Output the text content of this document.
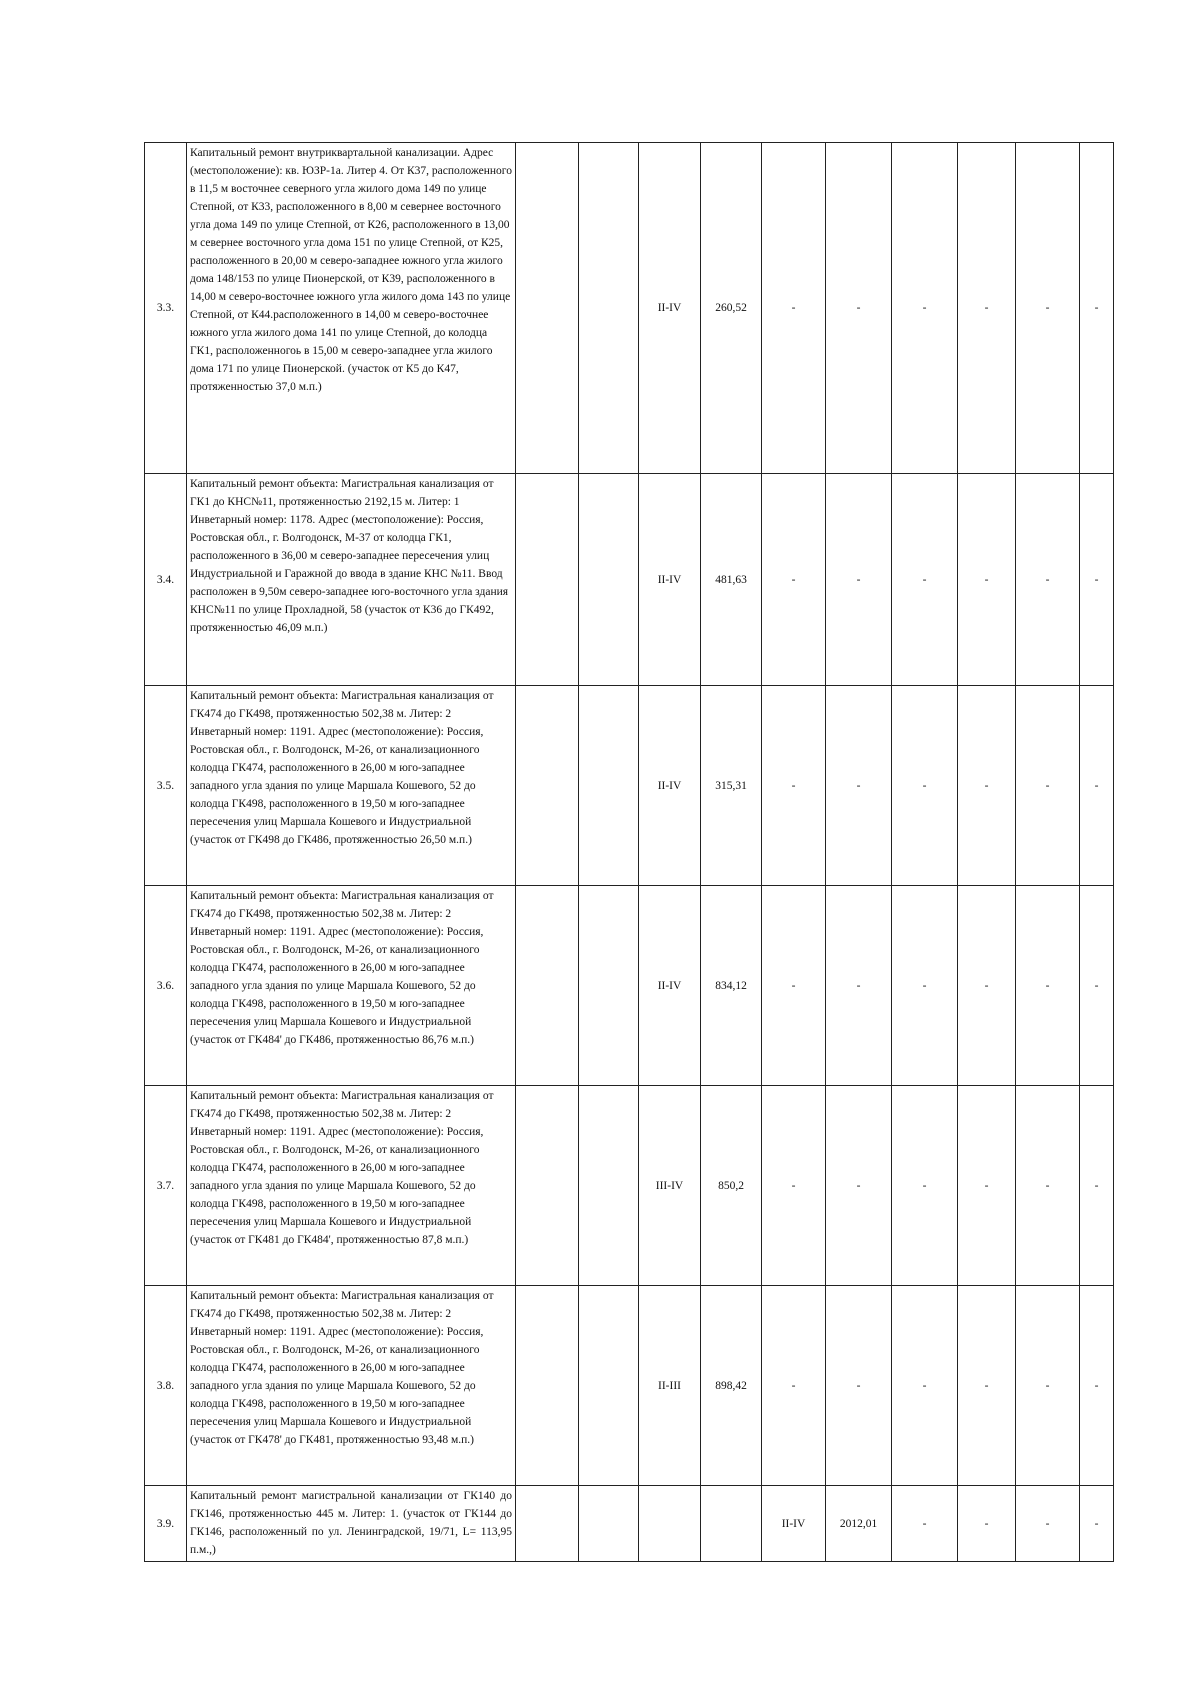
3.3.	Капитальный ремонт внутриквартальной канализации. Адрес (местоположение): кв. ЮЗР-1а. Литер 4. От К37, расположенного в 11,5 м восточнее северного угла жилого дома 149 по улице Степной, от К33, расположенного в 8,00 м севернее восточного угла дома 149 по улице Степной, от К26, расположенного в 13,00 м севернее восточного угла дома 151 по улице Степной, от К25, расположенного в 20,00 м северо-западнее южного угла жилого дома 148/153 по улице Пионерской, от К39, расположенного в 14,00 м северо-восточнее южного угла жилого дома 143 по улице Степной, от К44.расположенного в 14,00 м северо-восточнее южного угла жилого дома 141 по улице Степной, до колодца ГК1, расположенногоь в 15,00 м северо-западнее угла жилого дома 171 по улице Пионерской. (участок от К5 до К47, протяженностью 37,0 м.п.)			II-IV	260,52	-	-	-	-	-	-
3.4.	Капитальный ремонт объекта: Магистральная канализация от ГК1 до КНС№11, протяженностью 2192,15 м. Литер: 1 Инветарный номер: 1178. Адрес (местоположение): Россия, Ростовская обл., г. Волгодонск, М-37 от колодца ГК1, расположенного в 36,00 м северо-западнее пересечения улиц Индустриальной и Гаражной до ввода в здание КНС №11. Ввод расположен в 9,50м северо-западнее юго-восточного угла здания КНС№11 по улице Прохладной, 58 (участок от К36 до ГК492, протяженностью 46,09 м.п.)			II-IV	481,63	-	-	-	-	-	-
3.5.	Капитальный ремонт объекта: Магистральная канализация от ГК474 до ГК498, протяженностью 502,38 м. Литер: 2 Инветарный номер: 1191. Адрес (местоположение): Россия, Ростовская обл., г. Волгодонск, М-26, от канализационного колодца ГК474, расположенного в 26,00 м юго-западнее западного угла здания по улице Маршала Кошевого, 52 до колодца ГК498, расположенного в 19,50 м юго-западнее пересечения улиц Маршала Кошевого и Индустриальной (участок от ГК498 до ГК486, протяженностью 26,50 м.п.)			II-IV	315,31	-	-	-	-	-	-
3.6.	Капитальный ремонт объекта: Магистральная канализация от ГК474 до ГК498, протяженностью 502,38 м. Литер: 2 Инветарный номер: 1191. Адрес (местоположение): Россия, Ростовская обл., г. Волгодонск, М-26, от канализационного колодца ГК474, расположенного в 26,00 м юго-западнее западного угла здания по улице Маршала Кошевого, 52 до колодца ГК498, расположенного в 19,50 м юго-западнее пересечения улиц Маршала Кошевого и Индустриальной (участок от ГК484' до ГК486, протяженностью 86,76 м.п.)			II-IV	834,12	-	-	-	-	-	-
3.7.	Капитальный ремонт объекта: Магистральная канализация от ГК474 до ГК498, протяженностью 502,38 м. Литер: 2 Инветарный номер: 1191. Адрес (местоположение): Россия, Ростовская обл., г. Волгодонск, М-26, от канализационного колодца ГК474, расположенного в 26,00 м юго-западнее западного угла здания по улице Маршала Кошевого, 52 до колодца ГК498, расположенного в 19,50 м юго-западнее пересечения улиц Маршала Кошевого и Индустриальной (участок от ГК481 до ГК484', протяженностью 87,8 м.п.)			III-IV	850,2	-	-	-	-	-	-
3.8.	Капитальный ремонт объекта: Магистральная канализация от ГК474 до ГК498, протяженностью 502,38 м. Литер: 2 Инветарный номер: 1191. Адрес (местоположение): Россия, Ростовская обл., г. Волгодонск, М-26, от канализационного колодца ГК474, расположенного в 26,00 м юго-западнее западного угла здания по улице Маршала Кошевого, 52 до колодца ГК498, расположенного в 19,50 м юго-западнее пересечения улиц Маршала Кошевого и Индустриальной (участок от ГК478' до ГК481, протяженностью 93,48 м.п.)			II-III	898,42	-	-	-	-	-	-
3.9.	Капитальный ремонт магистральной канализации от ГК140 до ГК146, протяженностью 445 м. Литер: 1. (участок от ГК144 до ГК146, расположенный по ул. Ленинградской, 19/71, L= 113,95 п.м.,)					II-IV	2012,01	-	-	-	-
